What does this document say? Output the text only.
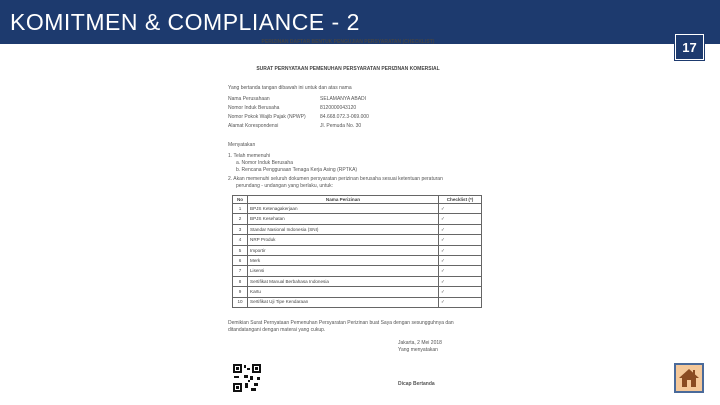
KOMITMEN & COMPLIANCE - 2
17
PERIZINAN DAFTAR BENTUK PENGUJIAN PERSYARATAN (CHECKLIST)
SURAT PERNYATAAN PEMENUHAN PERSYARATAN PERIZINAN KOMERSIAL
Yang bertanda tangan dibawah ini untuk dan atas nama
Nama Perusahaan	SELAMANYA ABADI
Nomor Induk Berusaha	8120000043120
Nomor Pokok Wajib Pajak (NPWP)	84.668.072.3-069.000
Alamat Korespondensi	Jl. Pemuda No. 30
Menyatakan
1. Telah memenuhi
a. Nomor Induk Berusaha
b. Rencana Penggunaan Tenaga Kerja Asing (RPTKA)
2. Akan memenuhi seluruh dokumen persyaratan perizinan berusaha sesuai ketentuan peraturan
perundang - undangan yang berlaku, untuk:
No	Nama Perizinan	Checklist (*)
1	BPJS Ketenagakerjaan	✓
2	BPJS Kesehatan	✓
3	Standar Nasional Indonesia (SNI)	✓
4	NRP Produk	✓
5	Importir	✓
6	Merk	✓
7	Lisensi	✓
8	Sertifikat Manual Berbahasa Indonesia	✓
9	Kartu	✓
10	Sertifikat Uji Tipe Kendaraan	✓
Demikian Surat Pernyataan Pemenuhan Persyaratan Perizinan buat Saya dengan sesungguhnya dan
ditandatangani dengan materai yang cukup.
Jakarta, 2 Mei 2018
Yang menyatakan
Dicap Bertanda
